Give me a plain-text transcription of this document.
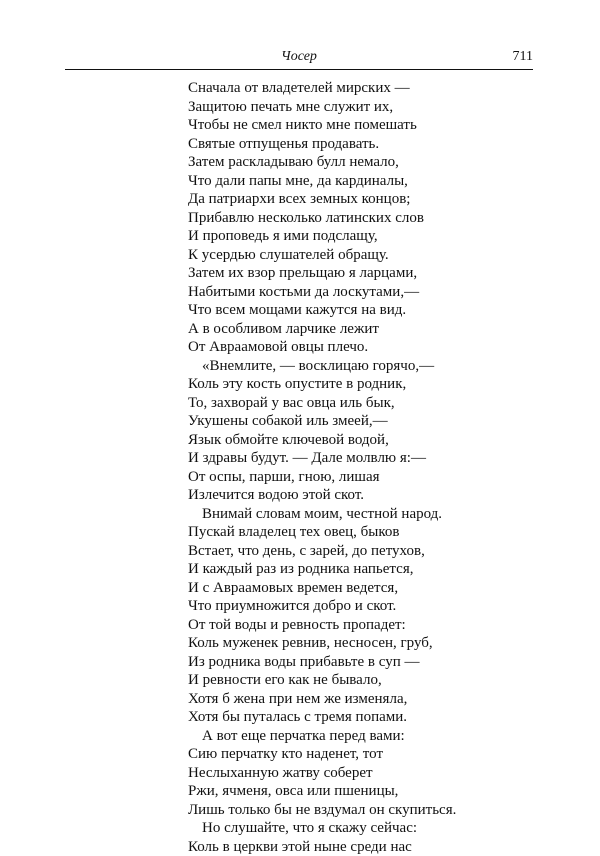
Чосер	711
Сначала от владетелей мирских —
Защитою печать мне служит их,
Чтобы не смел никто мне помешать
Святые отпущенья продавать.
Затем раскладываю булл немало,
Что дали папы мне, да кардиналы,
Да патриархи всех земных концов;
Прибавлю несколько латинских слов
И проповедь я ими подслащу,
К усердью слушателей обращу.
Затем их взор прельщаю я ларцами,
Набитыми костьми да лоскутами,—
Что всем мощами кажутся на вид.
А в особливом ларчике лежит
От Авраамовой овцы плечо.
«Внемлите, — восклицаю горячо,—
Коль эту кость опустите в родник,
То, захворай у вас овца иль бык,
Укушены собакой иль змеей,—
Язык обмойте ключевой водой,
И здравы будут. — Дале молвлю я:—
От оспы, парши, гною, лишая
Излечится водою этой скот.
Внимай словам моим, честной народ.
Пускай владелец тех овец, быков
Встает, что день, с зарей, до петухов,
И каждый раз из родника напьется,
И с Авраамовых времен ведется,
Что приумножится добро и скот.
От той воды и ревность пропадет:
Коль муженек ревнив, несносен, груб,
Из родника воды прибавьте в суп —
И ревности его как не бывало,
Хотя б жена при нем же изменяла,
Хотя бы путалась с тремя попами.
А вот еще перчатка перед вами:
Сию перчатку кто наденет, тот
Неслыханную жатву соберет
Ржи, ячменя, овса или пшеницы,
Лишь только бы не вздумал он скупиться.
Но слушайте, что я скажу сейчас:
Коль в церкви этой ныне среди нас
